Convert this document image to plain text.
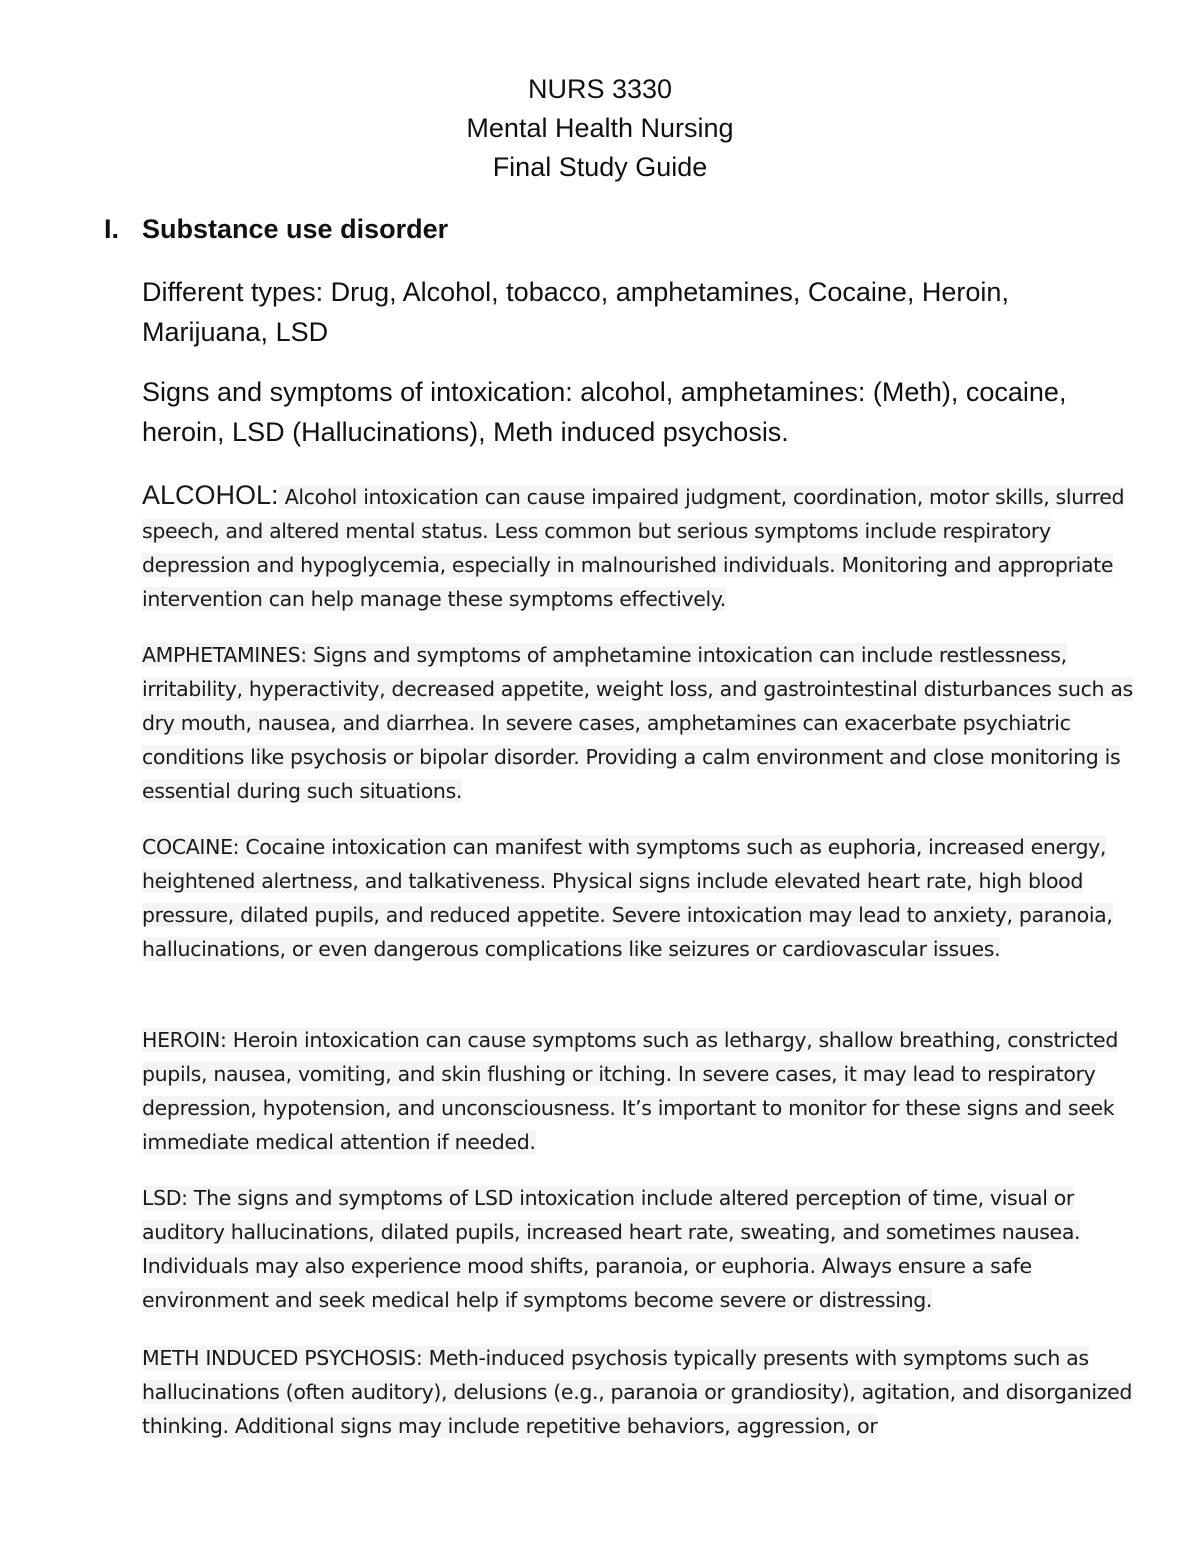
NURS 3330
Mental Health Nursing
Final Study Guide
I. Substance use disorder
Different types: Drug, Alcohol, tobacco, amphetamines, Cocaine, Heroin, Marijuana, LSD
Signs and symptoms of intoxication: alcohol, amphetamines: (Meth), cocaine, heroin, LSD (Hallucinations), Meth induced psychosis.
ALCOHOL: Alcohol intoxication can cause impaired judgment, coordination, motor skills, slurred speech, and altered mental status. Less common but serious symptoms include respiratory depression and hypoglycemia, especially in malnourished individuals. Monitoring and appropriate intervention can help manage these symptoms effectively.
AMPHETAMINES: Signs and symptoms of amphetamine intoxication can include restlessness, irritability, hyperactivity, decreased appetite, weight loss, and gastrointestinal disturbances such as dry mouth, nausea, and diarrhea. In severe cases, amphetamines can exacerbate psychiatric conditions like psychosis or bipolar disorder. Providing a calm environment and close monitoring is essential during such situations.
COCAINE: Cocaine intoxication can manifest with symptoms such as euphoria, increased energy, heightened alertness, and talkativeness. Physical signs include elevated heart rate, high blood pressure, dilated pupils, and reduced appetite. Severe intoxication may lead to anxiety, paranoia, hallucinations, or even dangerous complications like seizures or cardiovascular issues.
HEROIN: Heroin intoxication can cause symptoms such as lethargy, shallow breathing, constricted pupils, nausea, vomiting, and skin flushing or itching. In severe cases, it may lead to respiratory depression, hypotension, and unconsciousness. It’s important to monitor for these signs and seek immediate medical attention if needed.
LSD: The signs and symptoms of LSD intoxication include altered perception of time, visual or auditory hallucinations, dilated pupils, increased heart rate, sweating, and sometimes nausea. Individuals may also experience mood shifts, paranoia, or euphoria. Always ensure a safe environment and seek medical help if symptoms become severe or distressing.
METH INDUCED PSYCHOSIS: Meth-induced psychosis typically presents with symptoms such as hallucinations (often auditory), delusions (e.g., paranoia or grandiosity), agitation, and disorganized thinking. Additional signs may include repetitive behaviors, aggression, or
